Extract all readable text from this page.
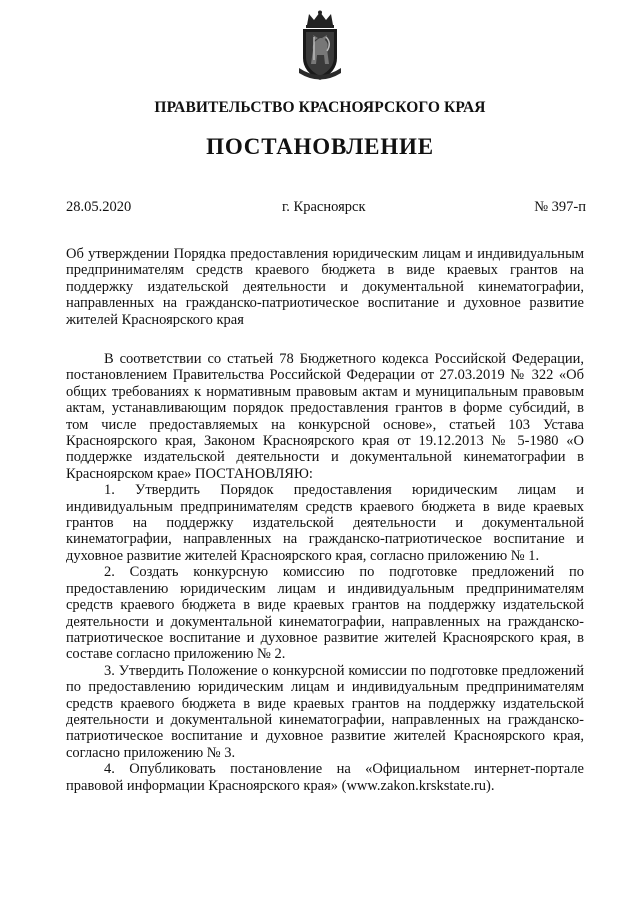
ПРАВИТЕЛЬСТВО КРАСНОЯРСКОГО КРАЯ
ПОСТАНОВЛЕНИЕ
28.05.2020	г. Красноярск	№ 397-п
Об утверждении Порядка предоставления юридическим лицам и индивидуальным предпринимателям средств краевого бюджета в виде краевых грантов на поддержку издательской деятельности и документальной кинематографии, направленных на гражданско-патриотическое воспитание и духовное развитие жителей Красноярского края

В соответствии со статьей 78 Бюджетного кодекса Российской Федерации, постановлением Правительства Российской Федерации от 27.03.2019 № 322 «Об общих требованиях к нормативным правовым актам и муниципальным правовым актам, устанавливающим порядок предоставления грантов в форме субсидий, в том числе предоставляемых на конкурсной основе», статьей 103 Устава Красноярского края, Законом Красноярского края от 19.12.2013 № 5-1980 «О поддержке издательской деятельности и документальной кинематографии в Красноярском крае» ПОСТАНОВЛЯЮ:

1. Утвердить Порядок предоставления юридическим лицам и индивидуальным предпринимателям средств краевого бюджета в виде краевых грантов на поддержку издательской деятельности и документальной кинематографии, направленных на гражданско-патриотическое воспитание и духовное развитие жителей Красноярского края, согласно приложению № 1.

2. Создать конкурсную комиссию по подготовке предложений по предоставлению юридическим лицам и индивидуальным предпринимателям средств краевого бюджета в виде краевых грантов на поддержку издательской деятельности и документальной кинематографии, направленных на гражданско-патриотическое воспитание и духовное развитие жителей Красноярского края, в составе согласно приложению № 2.

3. Утвердить Положение о конкурсной комиссии по подготовке предложений по предоставлению юридическим лицам и индивидуальным предпринимателям средств краевого бюджета в виде краевых грантов на поддержку издательской деятельности и документальной кинематографии, направленных на гражданско-патриотическое воспитание и духовное развитие жителей Красноярского края, согласно приложению № 3.

4. Опубликовать постановление на «Официальном интернет-портале правовой информации Красноярского края» (www.zakon.krskstate.ru).
